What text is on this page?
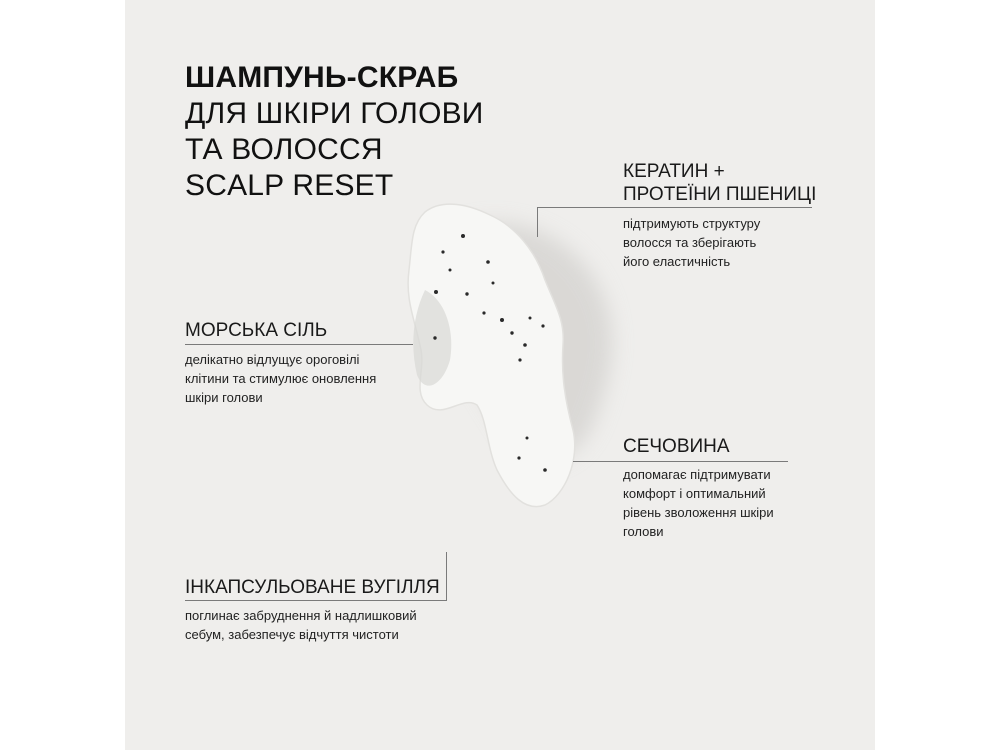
ШАМПУНЬ-СКРАБ
ДЛЯ ШКІРИ ГОЛОВИ
ТА ВОЛОССЯ
SCALP RESET	КЕРАТИН +
ПРОТЕЇНИ ПШЕНИЦІ

підтримують структуру
волосся та зберігають
його еластичність

МОРСЬКА СІЛЬ

делікатно відлущує ороговілі
клітини та стимулює оновлення
шкіри голови

СЕЧОВИНА

допомагає підтримувати
комфорт і оптимальний
рівень зволоження шкіри
голови

ІНКАПСУЛЬОВАНЕ ВУГІЛЛЯ

поглинає забруднення й надлишковий
себум, забезпечує відчуття чистоти
